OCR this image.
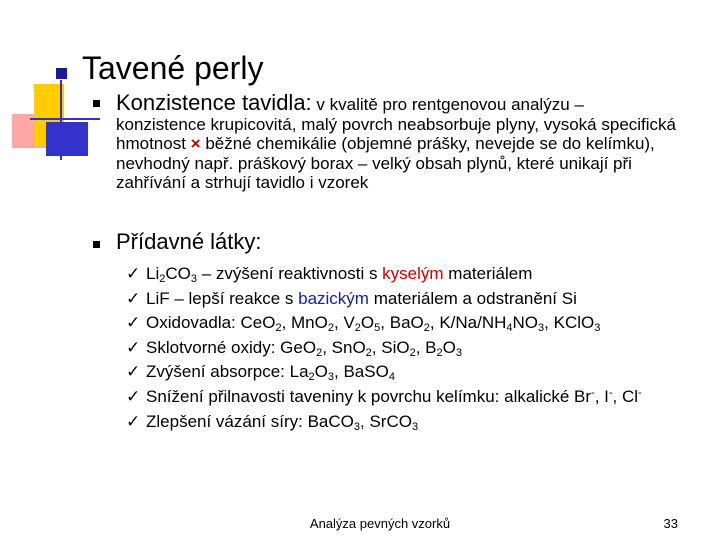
Tavené perly
Konzistence tavidla: v kvalitě pro rentgenovou analýzu – konzistence krupicovitá, malý povrch neabsorbuje plyny, vysoká specifická hmotnost × běžné chemikálie (objemné prášky, nevejde se do kelímku), nevhodný např. práškový borax – velký obsah plynů, které unikají při zahřívání a strhují tavidlo i vzorek
Přídavné látky:
✓ $Li_2CO_3$ – zvýšení reaktivnosti s kyselým materiálem
✓ LiF – lepší reakce s bazickým materiálem a odstranění Si
✓ Oxidovadla: CeO$_2$, MnO$_2$, $V_2O_5$, BaO$_2$, $K/Na/NH_4NO_3$, KClO$_3$
✓ Sklotvorné oxidy: GeO$_2$, SnO$_2$, SiO$_2$, $B_2O_3$
✓ Zvýšení absorpce: $La_2O_3$, BaSO$_4$
✓ Snížení přilnavosti taveniny k povrchu kelímku: alkalické Br-, I-, Cl-
✓ Zlepšení vázání síry: BaCO$_3$, SrCO$_3$
Analýza pevných vzorků	33
